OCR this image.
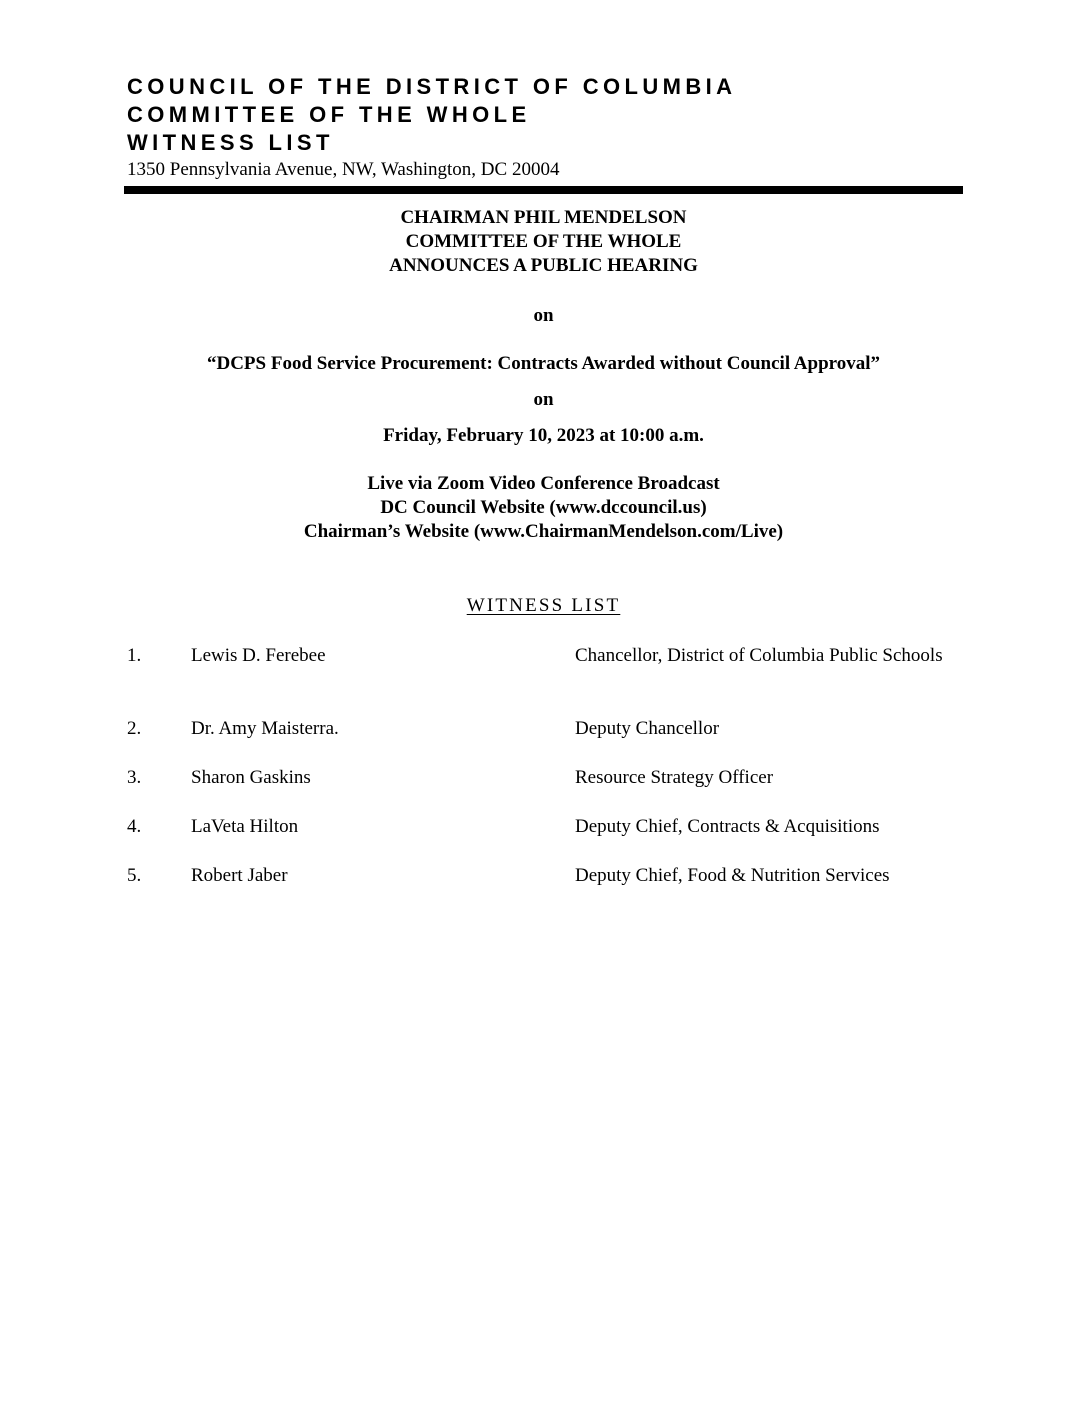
COUNCIL OF THE DISTRICT OF COLUMBIA
COMMITTEE OF THE WHOLE
WITNESS LIST
1350 Pennsylvania Avenue, NW, Washington, DC 20004
CHAIRMAN PHIL MENDELSON
COMMITTEE OF THE WHOLE
ANNOUNCES A PUBLIC HEARING
on
“DCPS Food Service Procurement: Contracts Awarded without Council Approval”
on
Friday, February 10, 2023 at 10:00 a.m.
Live via Zoom Video Conference Broadcast
DC Council Website (www.dccouncil.us)
Chairman’s Website (www.ChairmanMendelson.com/Live)
WITNESS LIST
1.	Lewis D. Ferebee	Chancellor, District of Columbia Public Schools
2.	Dr. Amy Maisterra.	Deputy Chancellor
3.	Sharon Gaskins	Resource Strategy Officer
4.	LaVeta Hilton	Deputy Chief, Contracts & Acquisitions
5.	Robert Jaber	Deputy Chief, Food & Nutrition Services
